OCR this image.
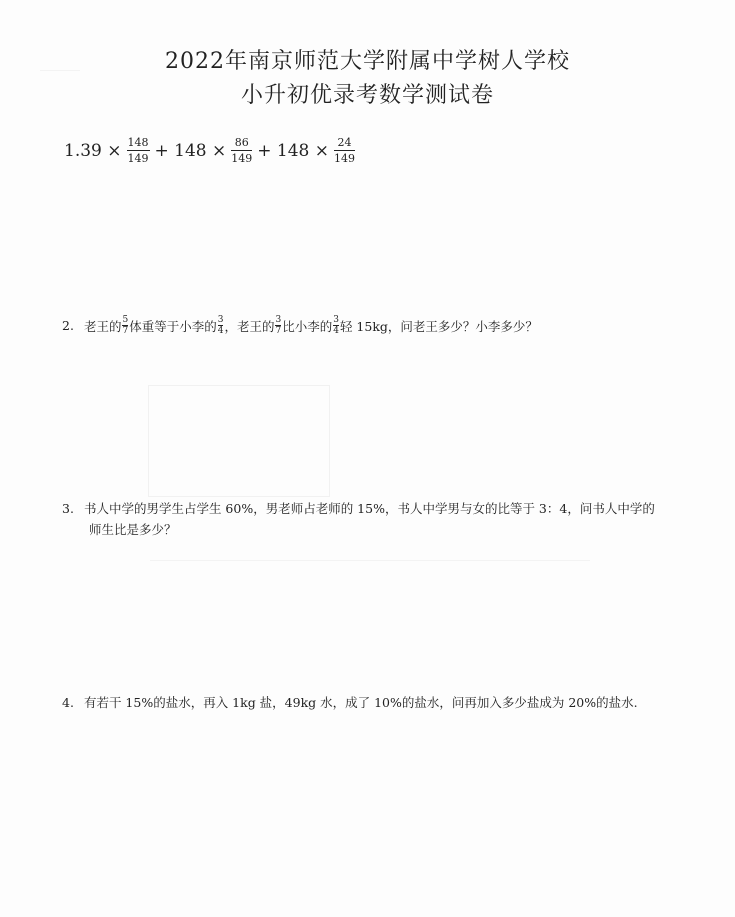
2022年南京师范大学附属中学树人学校
小升初优录考数学测试卷
$1.39 \times \frac{148}{149} + 148 \times \frac{86}{149} + 148 \times \frac{24}{149}$
2. 老王的 5
7 体重等于小李的 3
4 ，老王的 3
7 比小李的 3
4 轻 15kg，问老王多少？小李多少？
3. 书人中学的男学生占学生 60%，男老师占老师的 15%，书人中学男与女的比等于 3：4，问书人中学的
师生比是多少？
4. 有若干 15%的盐水，再入 1kg 盐，49kg 水，成了 10%的盐水，问再加入多少盐成为 20%的盐水.
